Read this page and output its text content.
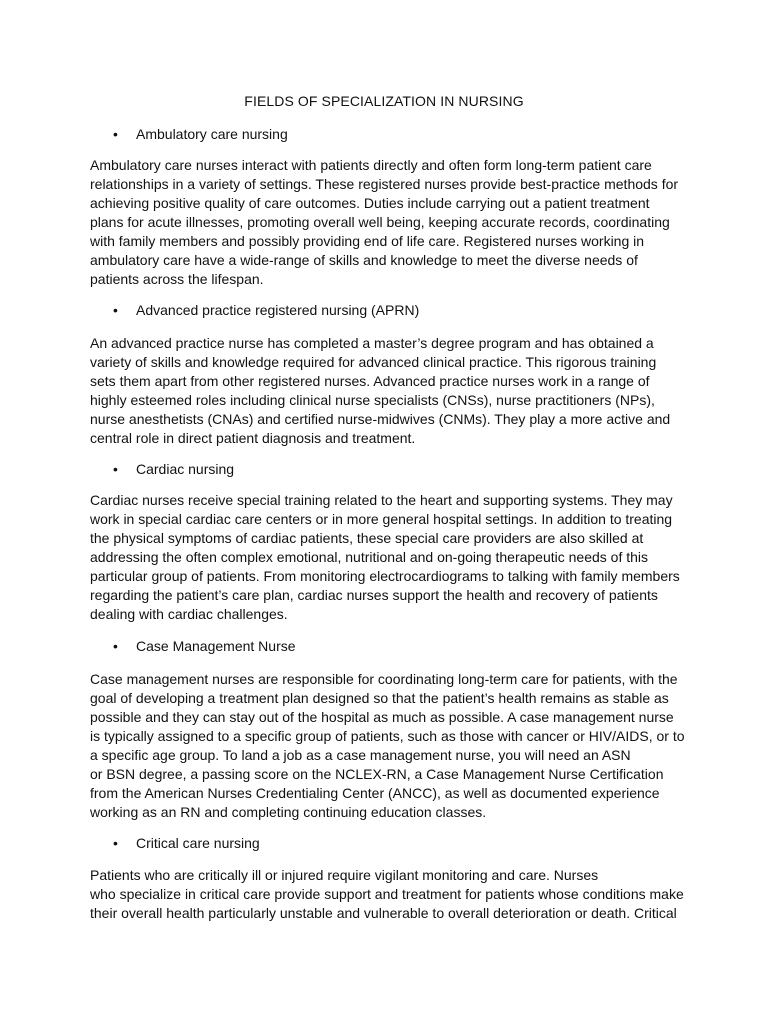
FIELDS OF SPECIALIZATION IN NURSING
• Ambulatory care nursing
Ambulatory care nurses interact with patients directly and often form long-term patient care
relationships in a variety of settings. These registered nurses provide best-practice methods for
achieving positive quality of care outcomes. Duties include carrying out a patient treatment
plans for acute illnesses, promoting overall well being, keeping accurate records, coordinating
with family members and possibly providing end of life care. Registered nurses working in
ambulatory care have a wide-range of skills and knowledge to meet the diverse needs of
patients across the lifespan.
• Advanced practice registered nursing (APRN)
An advanced practice nurse has completed a master’s degree program and has obtained a
variety of skills and knowledge required for advanced clinical practice. This rigorous training
sets them apart from other registered nurses. Advanced practice nurses work in a range of
highly esteemed roles including clinical nurse specialists (CNSs), nurse practitioners (NPs),
nurse anesthetists (CNAs) and certified nurse-midwives (CNMs). They play a more active and
central role in direct patient diagnosis and treatment.
• Cardiac nursing
Cardiac nurses receive special training related to the heart and supporting systems. They may
work in special cardiac care centers or in more general hospital settings. In addition to treating
the physical symptoms of cardiac patients, these special care providers are also skilled at
addressing the often complex emotional, nutritional and on-going therapeutic needs of this
particular group of patients. From monitoring electrocardiograms to talking with family members
regarding the patient’s care plan, cardiac nurses support the health and recovery of patients
dealing with cardiac challenges.
• Case Management Nurse
Case management nurses are responsible for coordinating long-term care for patients, with the
goal of developing a treatment plan designed so that the patient’s health remains as stable as
possible and they can stay out of the hospital as much as possible. A case management nurse
is typically assigned to a specific group of patients, such as those with cancer or HIV/AIDS, or to
a specific age group. To land a job as a case management nurse, you will need an ASN
or BSN degree, a passing score on the NCLEX-RN, a Case Management Nurse Certification
from the American Nurses Credentialing Center (ANCC), as well as documented experience
working as an RN and completing continuing education classes.
• Critical care nursing
Patients who are critically ill or injured require vigilant monitoring and care. Nurses
who specialize in critical care provide support and treatment for patients whose conditions make
their overall health particularly unstable and vulnerable to overall deterioration or death. Critical
